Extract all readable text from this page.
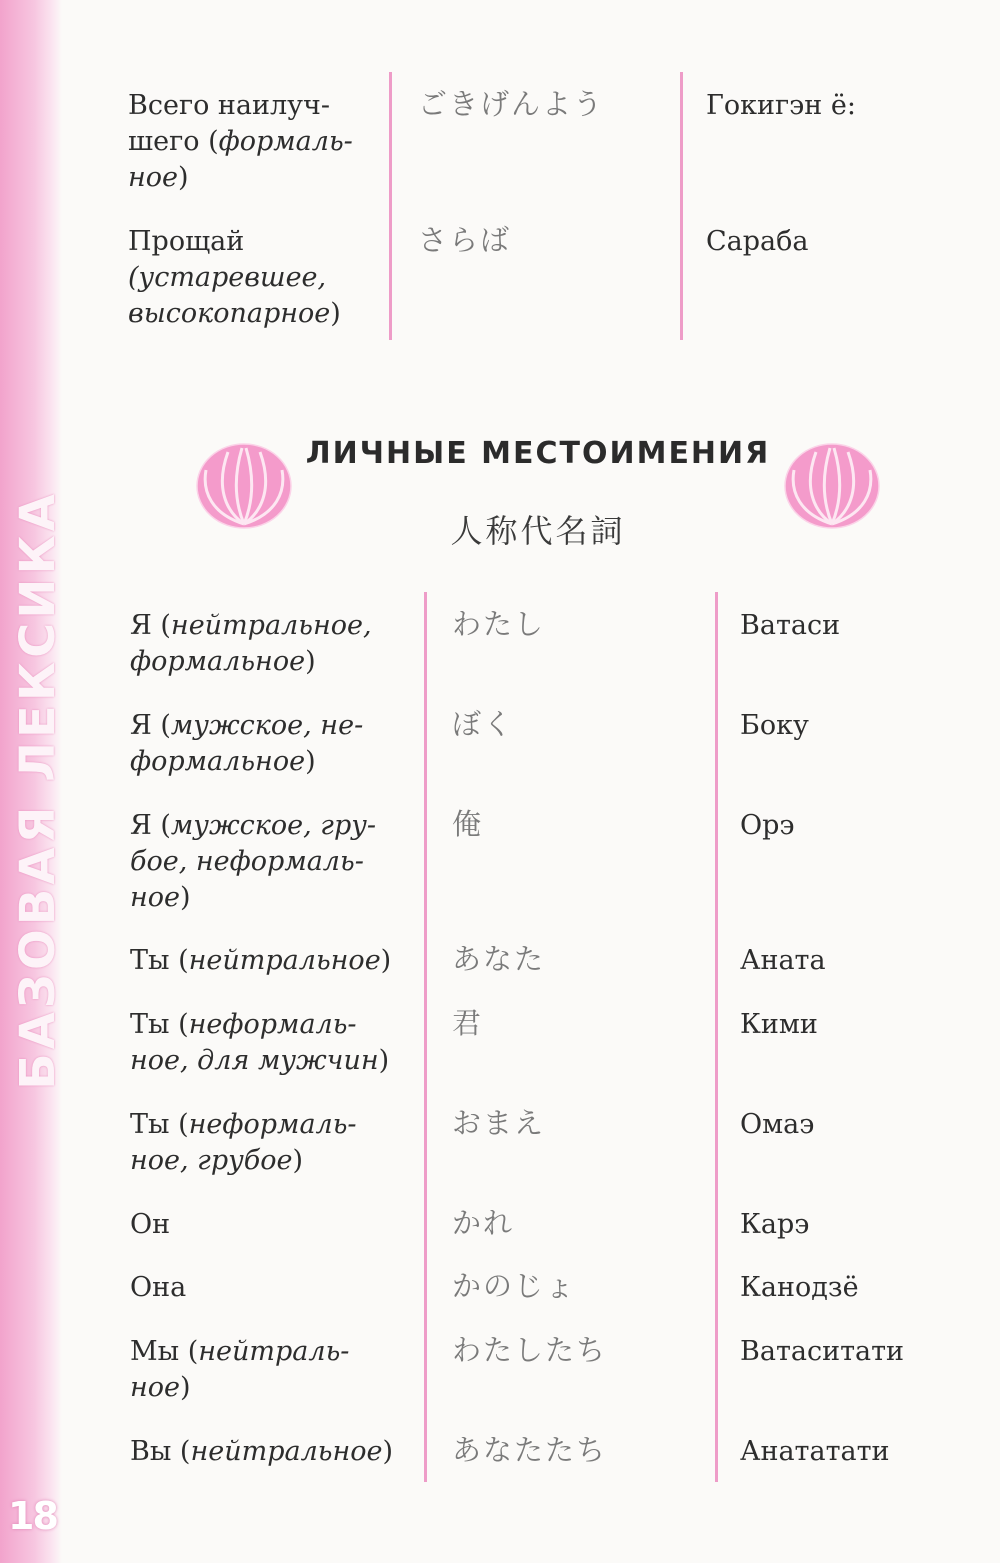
БАЗОВАЯ ЛЕКСИКА
18
Всего наилуч-
шего (формаль-
ное)
ごきげんよう	Гокигэн ё:
Прощай
(устаревшее,
высокопарное)
さらば	Сараба
ЛИЧНЫЕ МЕСТОИМЕНИЯ
人称代名詞
Я (нейтральное,
формальное)
わたし	Ватаси
Я (мужское, не-
формальное)
ぼく	Боку
Я (мужское, гру-
бое, неформаль-
ное)
俺	Орэ
Ты (нейтральное) あなた	Аната
Ты (неформаль-
ное, для мужчин)
君	Кими
Ты (неформаль-
ное, грубое)
おまえ	Омаэ
Он	かれ	Карэ
Она	かのじょ	Канодзё
Мы (нейтраль-
ное)
わたしたち	Ватаситати
Вы (нейтральное) あなたたち	Анататати
